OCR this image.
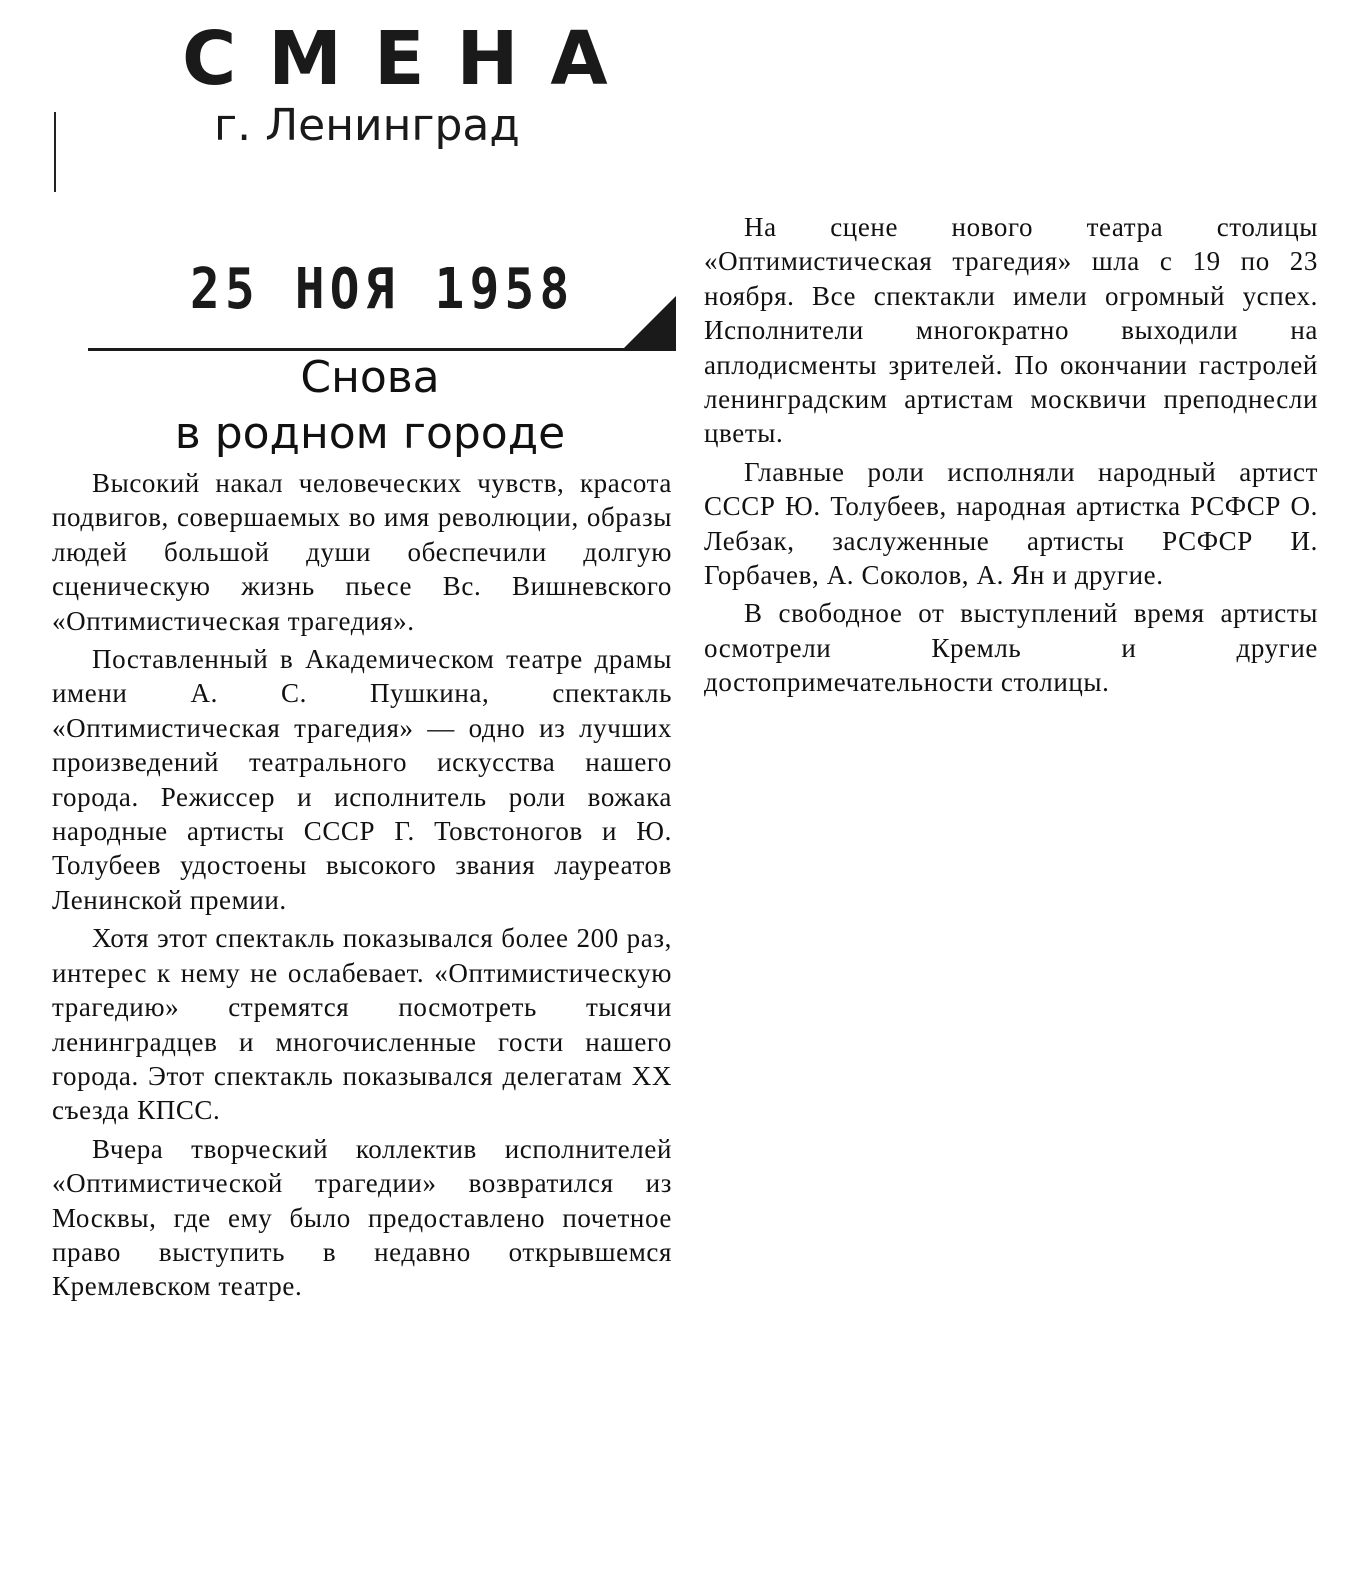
СМЕНА
г. Ленинград
25 НОЯ 1958
Снова
в родном городе

Высокий накал человеческих чувств, красота подвигов, совершаемых во имя революции, образы людей большой души обеспечили долгую сценическую жизнь пьесе Вс. Вишневского «Оптимистическая трагедия».

Поставленный в Академическом театре драмы имени А. С. Пушкина, спектакль «Оптимистическая трагедия» — одно из лучших произведений театрального искусства нашего города. Режиссер и исполнитель роли вожака народные артисты СССР Г. Товстоногов и Ю. Толубеев удостоены высокого звания лауреатов Ленинской премии.

Хотя этот спектакль показывался более 200 раз, интерес к нему не ослабевает. «Оптимистическую трагедию» стремятся посмотреть тысячи ленинградцев и многочисленные гости нашего города. Этот спектакль показывался делегатам XX съезда КПСС.

Вчера творческий коллектив исполнителей «Оптимистической трагедии» возвратился из Москвы, где ему было предоставлено почетное право выступить в недавно открывшемся Кремлевском театре.

На сцене нового театра столицы «Оптимистическая трагедия» шла с 19 по 23 ноября. Все спектакли имели огромный успех. Исполнители многократно выходили на аплодисменты зрителей. По окончании гастролей ленинградским артистам москвичи преподнесли цветы.

Главные роли исполняли народный артист СССР Ю. Толубеев, народная артистка РСФСР О. Лебзак, заслуженные артисты РСФСР И. Горбачев, А. Соколов, А. Ян и другие.

В свободное от выступлений время артисты осмотрели Кремль и другие достопримечательности столицы.
